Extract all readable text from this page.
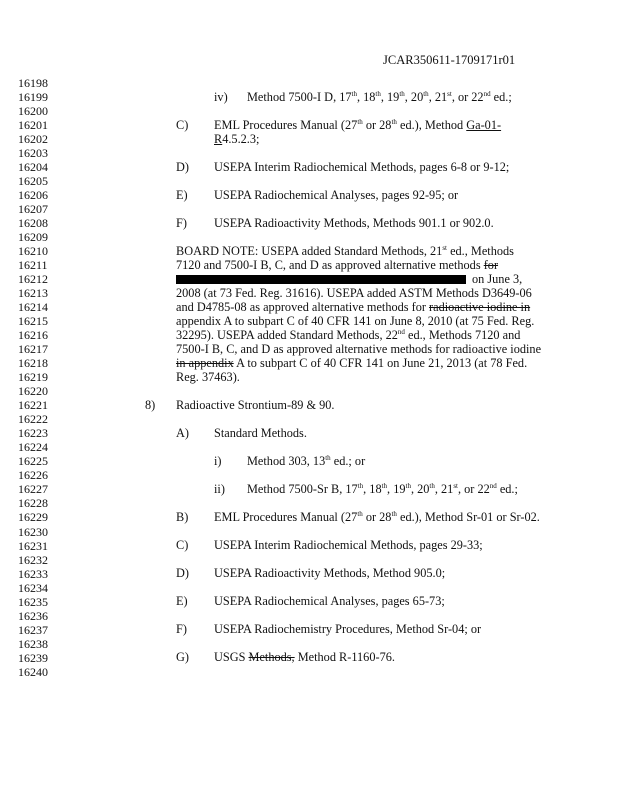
JCAR350611-1709171r01
16198
16199
16200
16201
16202
16203
16204
16205
16206
16207
16208
16209
16210
16211
16212
16213
16214
16215
16216
16217
16218
16219
16220
16221
16222
16223
16224
16225
16226
16227
16228
16229
16230
16231
16232
16233
16234
16235
16236
16237
16238
16239
16240
iv) Method 7500-I D, 17th, 18th, 19th, 20th, 21st, or 22nd ed.;
C) EML Procedures Manual (27th or 28th ed.), Method Ga-01-
R4.5.2.3;
D) USEPA Interim Radiochemical Methods, pages 6-8 or 9-12;
E) USEPA Radiochemical Analyses, pages 92-95; or
F) USEPA Radioactivity Methods, Methods 901.1 or 902.0.
BOARD NOTE: USEPA added Standard Methods, 21st ed., Methods
7120 and 7500-I B, C, and D as approved alternative methods for
on June 3,
2008 (at 73 Fed. Reg. 31616). USEPA added ASTM Methods D3649-06
and D4785-08 as approved alternative methods for radioactive iodine in
appendix A to subpart C of 40 CFR 141 on June 8, 2010 (at 75 Fed. Reg.
32295). USEPA added Standard Methods, 22nd ed., Methods 7120 and
7500-I B, C, and D as approved alternative methods for radioactive iodine
in appendix A to subpart C of 40 CFR 141 on June 21, 2013 (at 78 Fed.
Reg. 37463).
8) Radioactive Strontium-89 & 90.
A) Standard Methods.
i) Method 303, 13th ed.; or
ii) Method 7500-Sr B, 17th, 18th, 19th, 20th, 21st, or 22nd ed.;
B) EML Procedures Manual (27th or 28th ed.), Method Sr-01 or Sr-02.
C) USEPA Interim Radiochemical Methods, pages 29-33;
D) USEPA Radioactivity Methods, Method 905.0;
E) USEPA Radiochemical Analyses, pages 65-73;
F) USEPA Radiochemistry Procedures, Method Sr-04; or
G) USGS Methods, Method R-1160-76.
